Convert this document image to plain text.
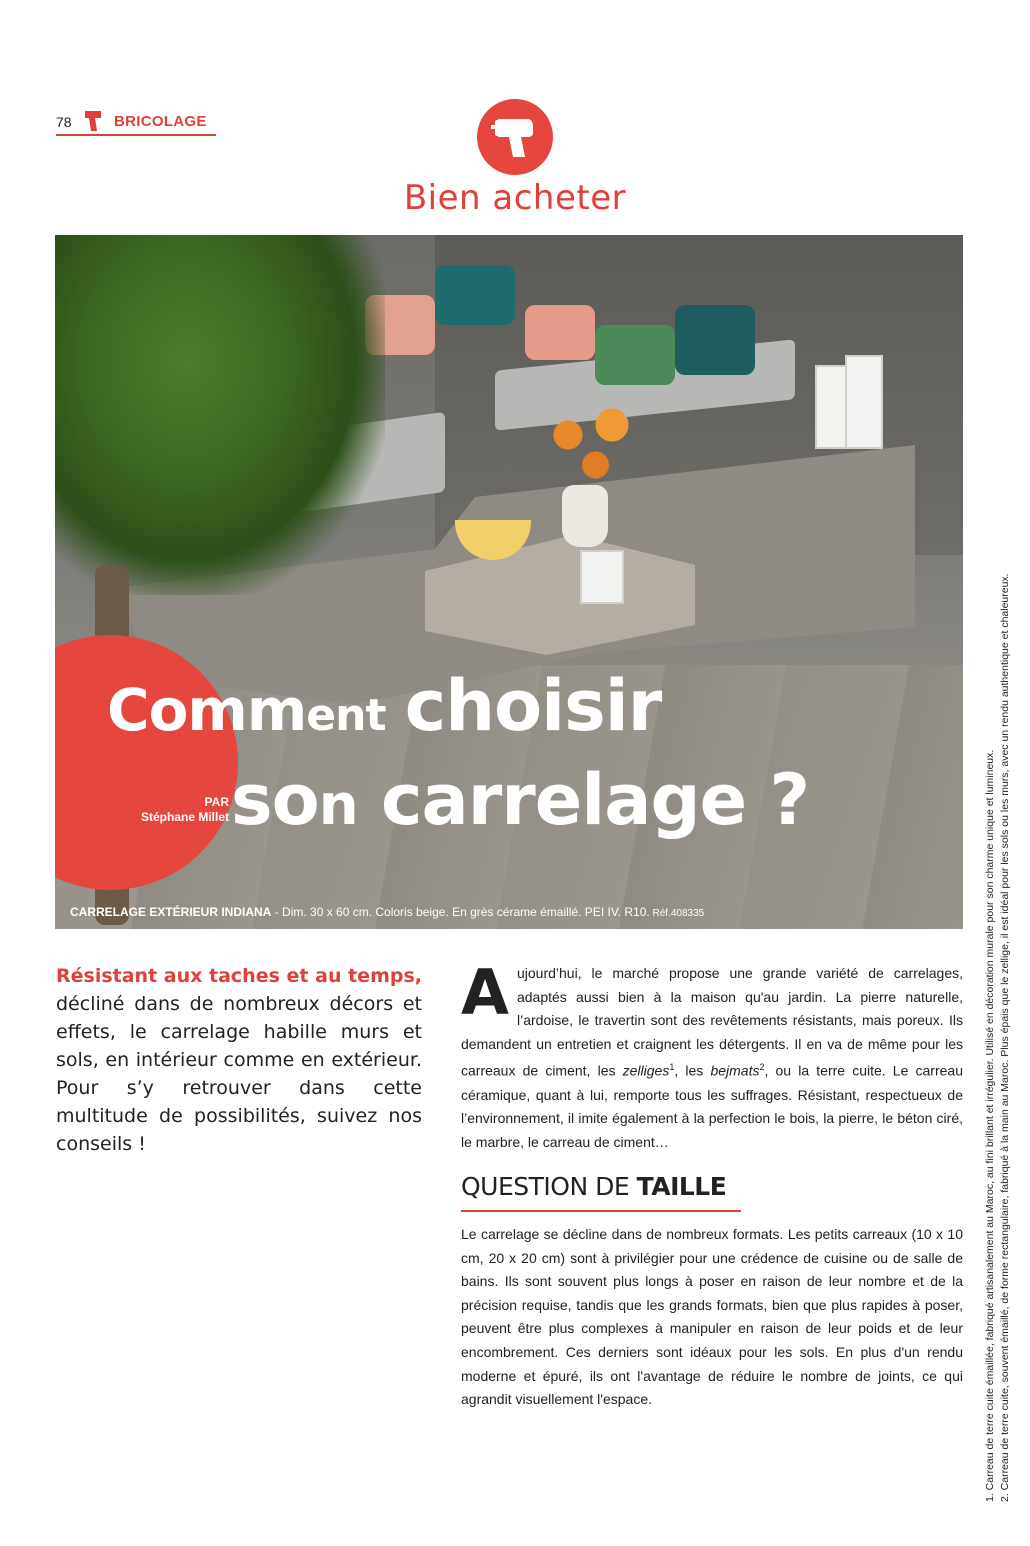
78	BRICOLAGE
Bien acheter
Comment choisir
son carrelage ?
PAR
Stéphane Millet
CARRELAGE EXTÉRIEUR INDIANA - Dim. 30 x 60 cm. Coloris beige. En grès cérame émaillé. PEI IV. R10. Réf.408335
Résistant aux taches et au temps, décliné dans de nombreux décors et effets, le carrelage habille murs et sols, en intérieur comme en extérieur. Pour s’y retrouver dans cette multitude de possibilités, suivez nos conseils !
Aujourd’hui, le marché propose une grande variété de carrelages, adaptés aussi bien à la maison qu'au jardin. La pierre naturelle, l’ardoise, le travertin sont des revêtements résistants, mais poreux. Ils demandent un entretien et craignent les détergents. Il en va de même pour les carreaux de ciment, les zelliges$^1$, les bejmats$^2$, ou la terre cuite. Le carreau céramique, quant à lui, remporte tous les suffrages. Résistant, respectueux de l’environnement, il imite également à la perfection le bois, la pierre, le béton ciré, le marbre, le carreau de ciment…
QUESTION DE TAILLE
Le carrelage se décline dans de nombreux formats. Les petits carreaux (10 x 10 cm, 20 x 20 cm) sont à privilégier pour une crédence de cuisine ou de salle de bains. Ils sont souvent plus longs à poser en raison de leur nombre et de la précision requise, tandis que les grands formats, bien que plus rapides à poser, peuvent être plus complexes à manipuler en raison de leur poids et de leur encombrement. Ces derniers sont idéaux pour les sols. En plus d'un rendu moderne et épuré, ils ont l'avantage de réduire le nombre de joints, ce qui agrandit visuellement l'espace.	1. Carreau de terre cuite émaillée, fabriqué artisanalement au Maroc, au fini brillant et irrégulier. Utilisé en décoration murale pour son charme unique et lumineux. 2. Carreau de terre cuite, souvent émaillé, de forme rectangulaire, fabriqué à la main au Maroc. Plus épais que le zellige, il est idéal pour les sols ou les murs, avec un rendu authentique et chaleureux.
